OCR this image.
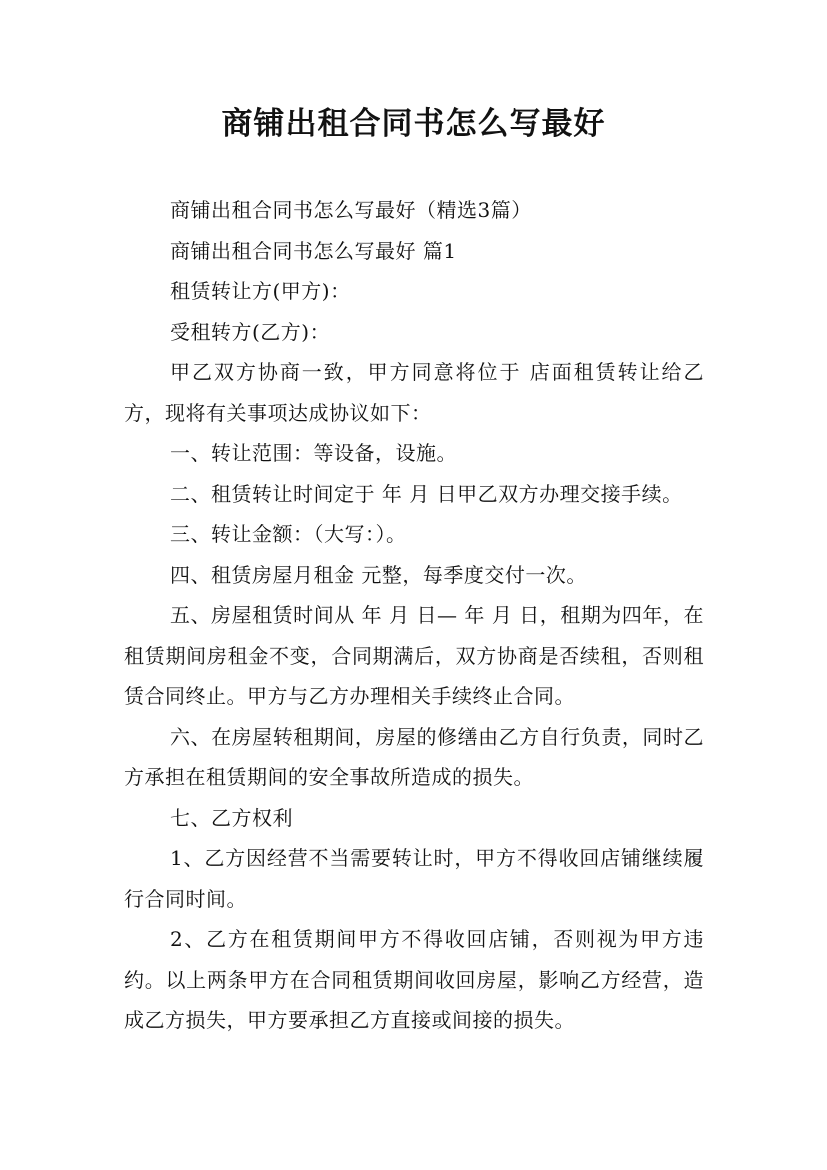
商铺出租合同书怎么写最好

商铺出租合同书怎么写最好（精选3篇）

商铺出租合同书怎么写最好 篇1

租赁转让方(甲方)：

受租转方(乙方)：

甲乙双方协商一致，甲方同意将位于 店面租赁转让给乙方，现将有关事项达成协议如下：

一、转让范围：等设备，设施。

二、租赁转让时间定于 年 月 日甲乙双方办理交接手续。

三、转让金额：（大写：）。

四、租赁房屋月租金 元整，每季度交付一次。

五、房屋租赁时间从 年 月 日— 年 月 日，租期为四年，在租赁期间房租金不变，合同期满后，双方协商是否续租，否则租赁合同终止。甲方与乙方办理相关手续终止合同。

六、在房屋转租期间，房屋的修缮由乙方自行负责，同时乙方承担在租赁期间的安全事故所造成的损失。

七、乙方权利

1、乙方因经营不当需要转让时，甲方不得收回店铺继续履行合同时间。

2、乙方在租赁期间甲方不得收回店铺，否则视为甲方违约。以上两条甲方在合同租赁期间收回房屋，影响乙方经营，造成乙方损失，甲方要承担乙方直接或间接的损失。
